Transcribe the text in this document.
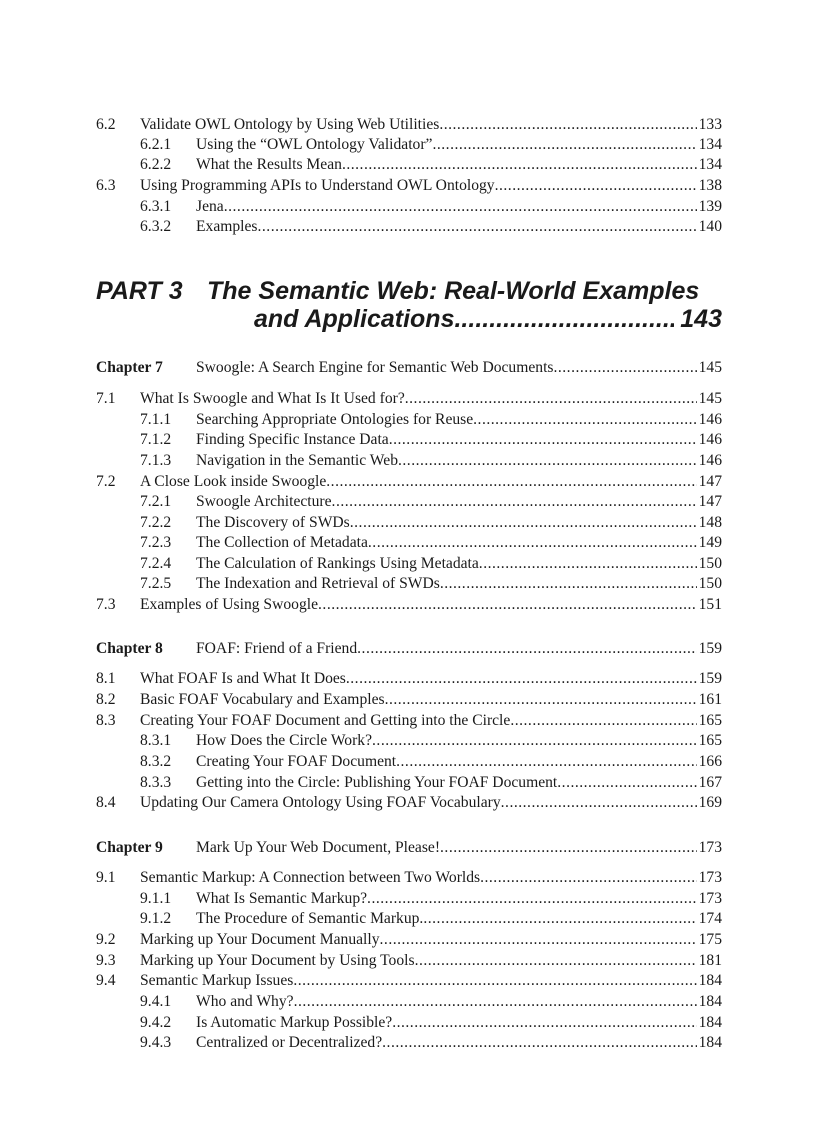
6.2	Validate OWL Ontology by Using Web Utilities .....	133
6.2.1	Using the “OWL Ontology Validator” .....	134
6.2.2	What the Results Mean .....	134
6.3	Using Programming APIs to Understand OWL Ontology .....	138
6.3.1	Jena .....	139
6.3.2	Examples .....	140
PART 3 The Semantic Web: Real-World Examples
and Applications .....	143
Chapter 7	Swoogle: A Search Engine for Semantic Web Documents .....	145
7.1	What Is Swoogle and What Is It Used for? .....	145
7.1.1	Searching Appropriate Ontologies for Reuse .....	146
7.1.2	Finding Specific Instance Data .....	146
7.1.3	Navigation in the Semantic Web .....	146
7.2	A Close Look inside Swoogle .....	147
7.2.1	Swoogle Architecture .....	147
7.2.2	The Discovery of SWDs .....	148
7.2.3	The Collection of Metadata .....	149
7.2.4	The Calculation of Rankings Using Metadata .....	150
7.2.5	The Indexation and Retrieval of SWDs .....	150
7.3	Examples of Using Swoogle .....	151
Chapter 8	FOAF: Friend of a Friend .....	159
8.1	What FOAF Is and What It Does .....	159
8.2	Basic FOAF Vocabulary and Examples .....	161
8.3	Creating Your FOAF Document and Getting into the Circle .....	165
8.3.1	How Does the Circle Work? .....	165
8.3.2	Creating Your FOAF Document .....	166
8.3.3	Getting into the Circle: Publishing Your FOAF Document .....	167
8.4	Updating Our Camera Ontology Using FOAF Vocabulary .....	169
Chapter 9	Mark Up Your Web Document, Please! .....	173
9.1	Semantic Markup: A Connection between Two Worlds .....	173
9.1.1	What Is Semantic Markup? .....	173
9.1.2	The Procedure of Semantic Markup. .....	174
9.2	Marking up Your Document Manually .....	175
9.3	Marking up Your Document by Using Tools .....	181
9.4	Semantic Markup Issues .....	184
9.4.1	Who and Why? .....	184
9.4.2	Is Automatic Markup Possible? .....	184
9.4.3	Centralized or Decentralized? .....	184
